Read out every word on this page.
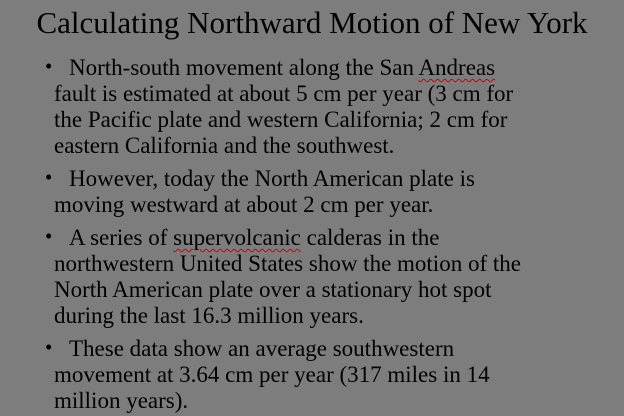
Calculating Northward Motion of New York
• North-south movement along the San Andreas
fault is estimated at about 5 cm per year (3 cm for
the Pacific plate and western California; 2 cm for
eastern California and the southwest.
• However, today the North American plate is
moving westward at about 2 cm per year.
• A series of supervolcanic calderas in the
northwestern United States show the motion of the
North American plate over a stationary hot spot
during the last 16.3 million years.
• These data show an average southwestern
movement at 3.64 cm per year (317 miles in 14
million years).
